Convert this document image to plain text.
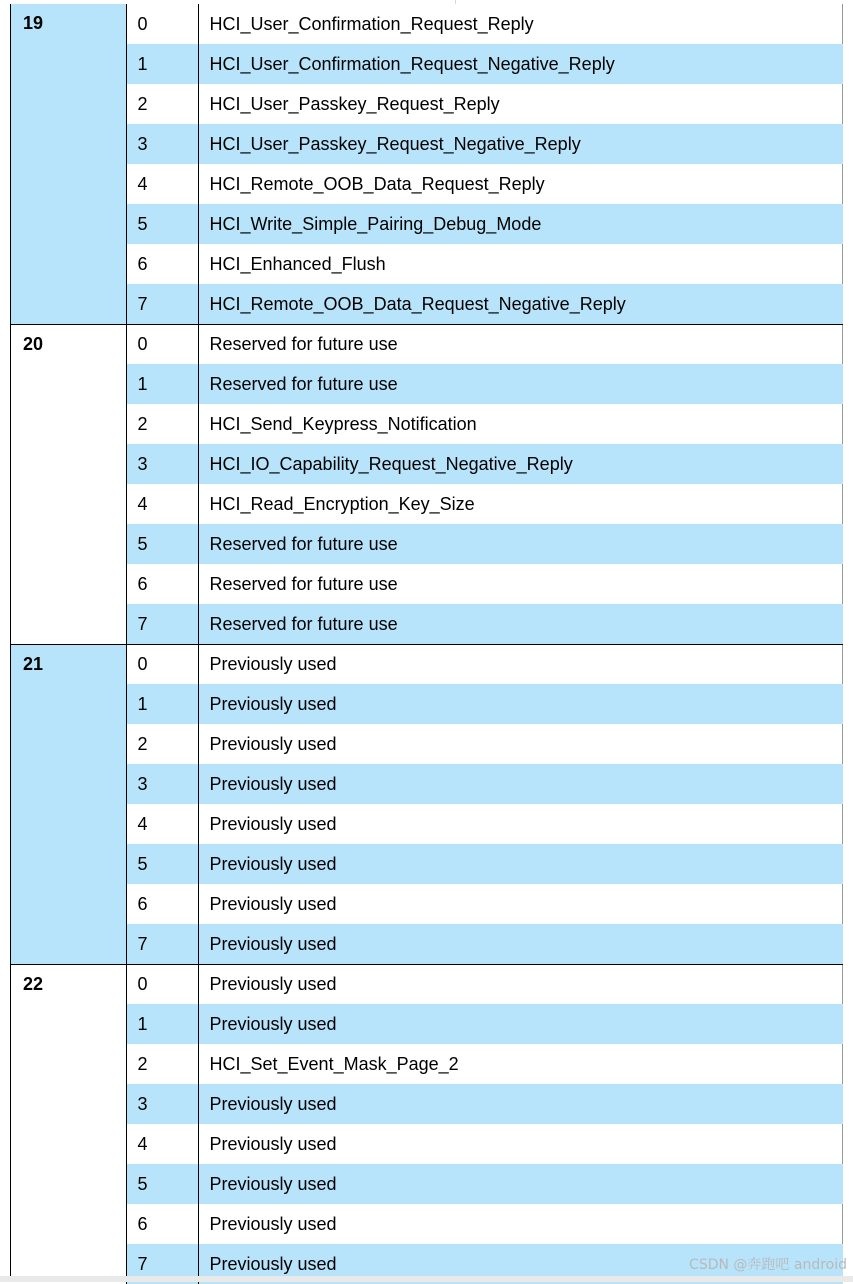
19	0	HCI_User_Confirmation_Request_Reply
	1	HCI_User_Confirmation_Request_Negative_Reply
	2	HCI_User_Passkey_Request_Reply
	3	HCI_User_Passkey_Request_Negative_Reply
	4	HCI_Remote_OOB_Data_Request_Reply
	5	HCI_Write_Simple_Pairing_Debug_Mode
	6	HCI_Enhanced_Flush
	7	HCI_Remote_OOB_Data_Request_Negative_Reply
20	0	Reserved for future use
	1	Reserved for future use
	2	HCI_Send_Keypress_Notification
	3	HCI_IO_Capability_Request_Negative_Reply
	4	HCI_Read_Encryption_Key_Size
	5	Reserved for future use
	6	Reserved for future use
	7	Reserved for future use
21	0	Previously used
	1	Previously used
	2	Previously used
	3	Previously used
	4	Previously used
	5	Previously used
	6	Previously used
	7	Previously used
22	0	Previously used
	1	Previously used
	2	HCI_Set_Event_Mask_Page_2
	3	Previously used
	4	Previously used
	5	Previously used
	6	Previously used
	7	Previously used	CSDN @奔跑吧 android
